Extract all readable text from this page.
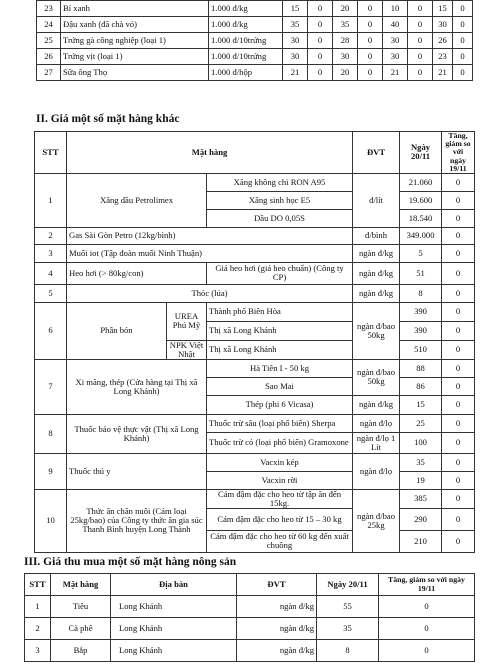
23	Bí xanh	1.000 đ/kg	15	0	20	0	10	0	15	0
24	Đậu xanh (đã chà vỏ)	1.000 đ/kg	35	0	35	0	40	0	30	0
25	Trứng gà công nghiệp (loại 1)	1.000 đ/10trứng	30	0	28	0	30	0	26	0
26	Trứng vịt (loại 1)	1.000 đ/10trứng	30	0	30	0	30	0	23	0
27	Sữa ông Thọ	1.000 đ/hộp	21	0	20	0	21	0	21	0
II. Giá một số mặt hàng khác
STT	Mặt hàng			ĐVT	Ngày 20/11	Tăng, giảm so với ngày 19/11
1	Xăng dầu Petrolimex		Xăng không chì RON A95	đ/lít	21.060	0
			Xăng sinh học E5		19.600	0
			Dầu DO 0,05S		18.540	0
2	Gas Sài Gòn Petro (12kg/bình)			đ/bình	349.000	0
3	Muối iot (Tập đoàn muối Ninh Thuận)			ngàn đ/kg	5	0
4	Heo hơi (> 80kg/con)		Giá heo hơi (giá heo chuẩn) (Công ty CP)	ngàn đ/kg	51	0
5	Thóc (lúa)			ngàn đ/kg	8	0
6	Phân bón	UREA Phú Mỹ	Thành phố Biên Hòa	ngàn đ/bao 50kg	390	0
			Thị xã Long Khánh		390	0
		NPK Việt Nhật	Thị xã Long Khánh		510	0
7	Xi măng, thép (Cửa hàng tại Thị xã Long Khánh)		Hà Tiên I - 50 kg	ngàn đ/bao 50kg	88	0
			Sao Mai		86	0
			Thép (phi 6 Vicasa)	ngàn đ/kg	15	0
8	Thuốc bảo vệ thực vật (Thị xã Long Khánh)		Thuốc trừ sâu (loại phổ biến) Sherpa	ngàn đ/lọ	25	0
			Thuốc trừ cỏ (loại phổ biến) Gramoxone	ngàn đ/lọ 1 Lít	100	0
9	Thuốc thú y		Vacxin kép	ngàn đ/lọ	35	0
			Vacxin rời		19	0
10	Thức ăn chăn nuôi (Cám loại 25kg/bao) của Công ty thức ăn gia súc Thanh Bình huyện Long Thành		Cám đậm đặc cho heo từ tập ăn đến 15kg.	ngàn đ/bao 25kg	385	0
			Cám đậm đặc cho heo từ 15 – 30 kg		290	0
			Cám đậm đặc cho heo từ 60 kg đến xuất chuồng		210	0
III. Giá thu mua một số mặt hàng nông sản
STT	Mặt hàng	Địa bàn	ĐVT	Ngày 20/11	Tăng, giảm so với ngày 19/11
1	Tiêu	Long Khánh	ngàn đ/kg	55	0
2	Cà phê	Long Khánh	ngàn đ/kg	35	0
3	Bắp	Long Khánh	ngàn đ/kg	8	0
